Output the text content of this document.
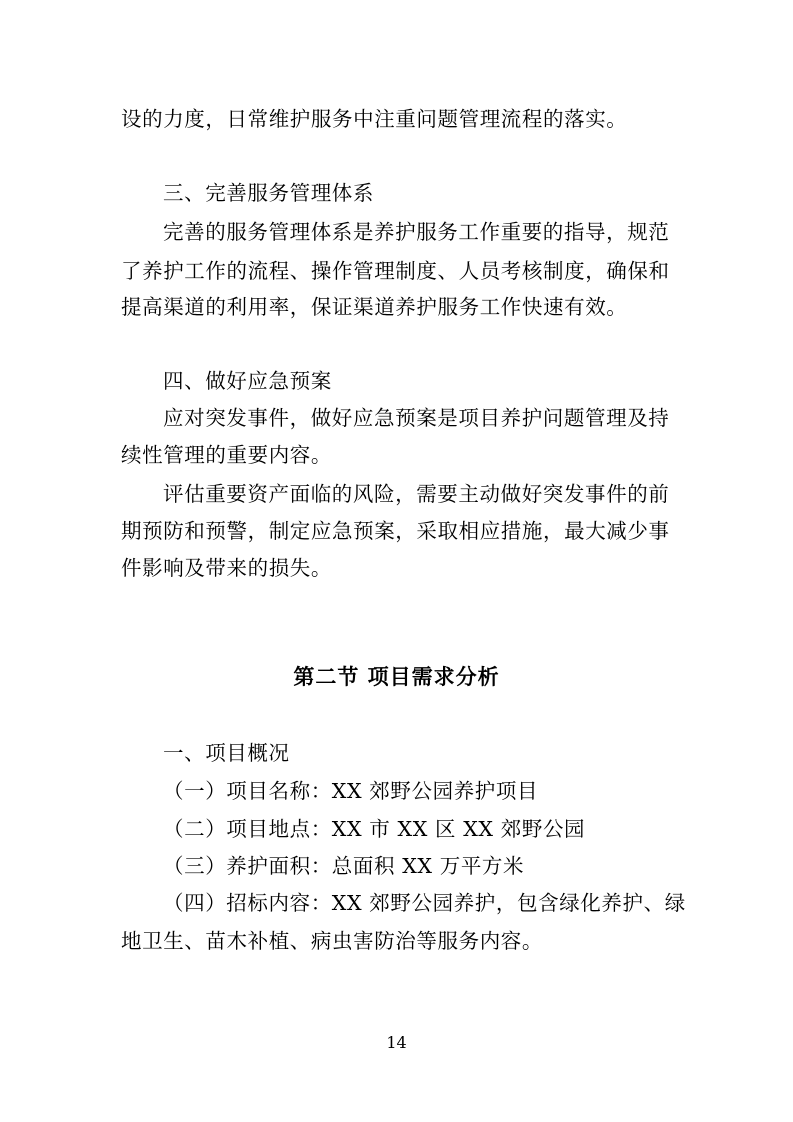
设的力度，日常维护服务中注重问题管理流程的落实。
三、完善服务管理体系
完善的服务管理体系是养护服务工作重要的指导，规范
了养护工作的流程、操作管理制度、人员考核制度，确保和
提高渠道的利用率，保证渠道养护服务工作快速有效。
四、做好应急预案
应对突发事件，做好应急预案是项目养护问题管理及持
续性管理的重要内容。
评估重要资产面临的风险，需要主动做好突发事件的前
期预防和预警，制定应急预案，采取相应措施，最大减少事
件影响及带来的损失。
第二节 项目需求分析
一、项目概况
（一）项目名称：XX 郊野公园养护项目
（二）项目地点：XX 市 XX 区 XX 郊野公园
（三）养护面积：总面积 XX 万平方米
（四）招标内容：XX 郊野公园养护，包含绿化养护、绿
地卫生、苗木补植、病虫害防治等服务内容。
14
